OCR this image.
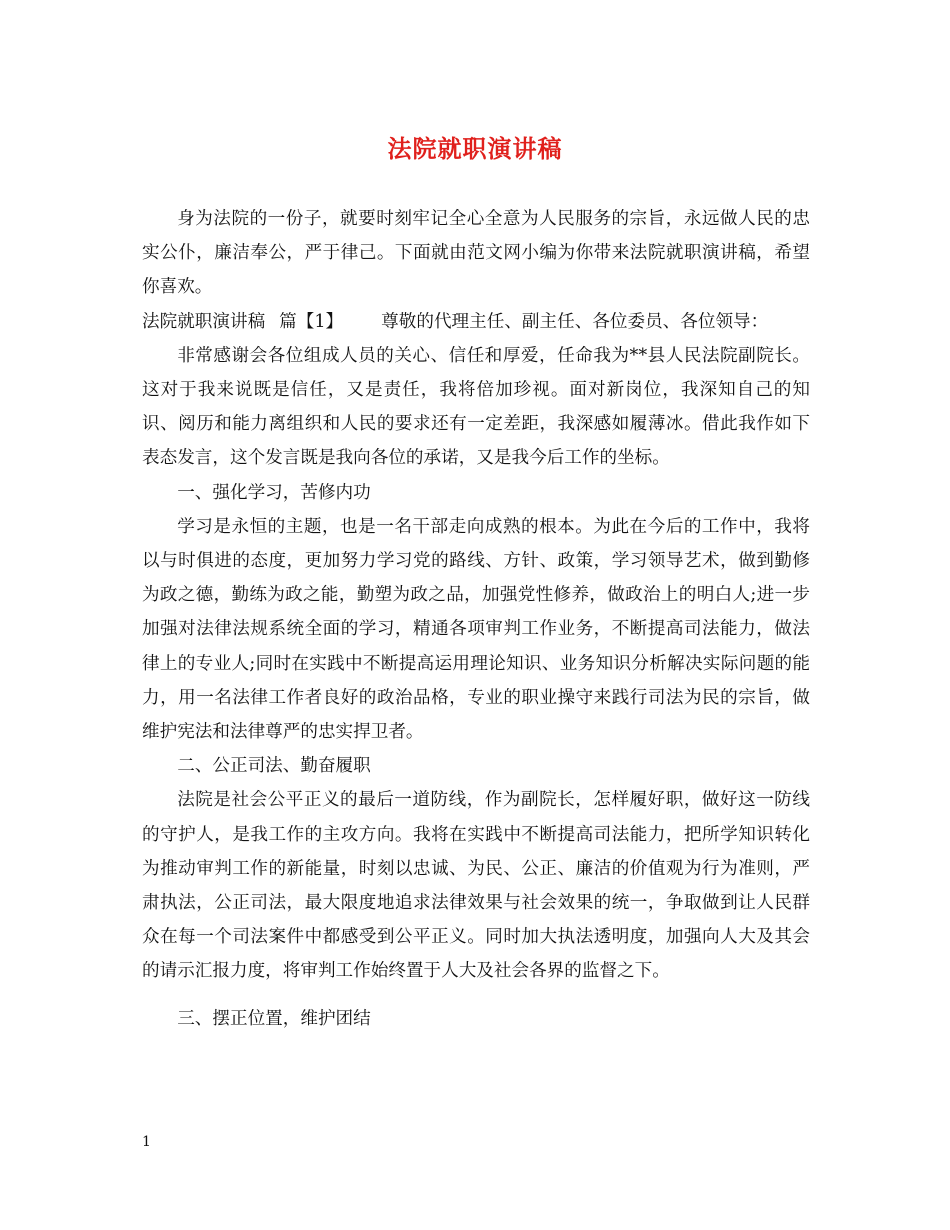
法院就职演讲稿

身为法院的一份子，就要时刻牢记全心全意为人民服务的宗旨，永远做人民的忠实公仆，廉洁奉公，严于律己。下面就由范文网小编为你带来法院就职演讲稿，希望你喜欢。

法院就职演讲稿 篇【1】 尊敬的代理主任、副主任、各位委员、各位领导：

非常感谢会各位组成人员的关心、信任和厚爱，任命我为**县人民法院副院长。这对于我来说既是信任，又是责任，我将倍加珍视。面对新岗位，我深知自己的知识、阅历和能力离组织和人民的要求还有一定差距，我深感如履薄冰。借此我作如下表态发言，这个发言既是我向各位的承诺，又是我今后工作的坐标。

一、强化学习，苦修内功

学习是永恒的主题，也是一名干部走向成熟的根本。为此在今后的工作中，我将以与时俱进的态度，更加努力学习党的路线、方针、政策，学习领导艺术，做到勤修为政之德，勤练为政之能，勤塑为政之品，加强党性修养，做政治上的明白人;进一步加强对法律法规系统全面的学习，精通各项审判工作业务，不断提高司法能力，做法律上的专业人;同时在实践中不断提高运用理论知识、业务知识分析解决实际问题的能力，用一名法律工作者良好的政治品格，专业的职业操守来践行司法为民的宗旨，做维护宪法和法律尊严的忠实捍卫者。

二、公正司法、勤奋履职

法院是社会公平正义的最后一道防线，作为副院长，怎样履好职，做好这一防线的守护人，是我工作的主攻方向。我将在实践中不断提高司法能力，把所学知识转化为推动审判工作的新能量，时刻以忠诚、为民、公正、廉洁的价值观为行为准则，严肃执法，公正司法，最大限度地追求法律效果与社会效果的统一，争取做到让人民群众在每一个司法案件中都感受到公平正义。同时加大执法透明度，加强向人大及其会的请示汇报力度，将审判工作始终置于人大及社会各界的监督之下。

三、摆正位置，维护团结

1
